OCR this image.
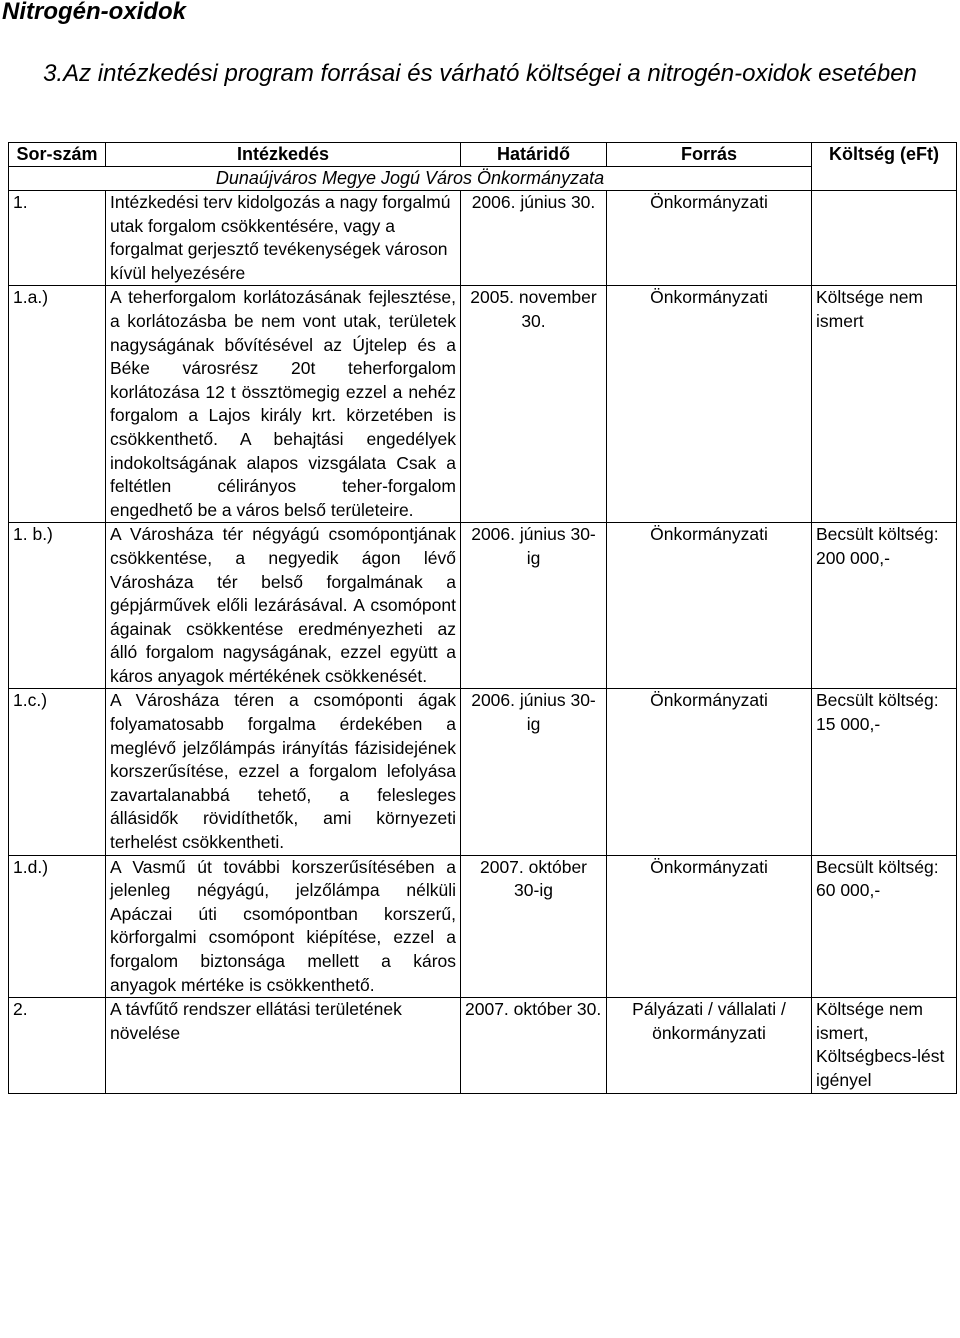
Nitrogén-oxidok
3.Az intézkedési program forrásai és várható költségei a nitrogén-oxidok esetében
Sor-szám	Intézkedés	Határidő	Forrás	Költség (eFt)
Dunaújváros Megye Jogú Város Önkormányzata				
1.	Intézkedési terv kidolgozás a nagy forgalmú utak forgalom csökkentésére, vagy a forgalmat gerjesztő tevékenységek városon kívül helyezésére	2006. június 30.	Önkormányzati	
1.a.)	A teherforgalom korlátozásának fejlesztése, a korlátozásba be nem vont utak, területek nagyságának bővítésével az Újtelep és a Béke városrész 20t teherforgalom korlátozása 12 t össztömegig ezzel a nehéz forgalom a Lajos király krt. körzetében is csökkenthető. A behajtási engedélyek indokoltságának alapos vizsgálata Csak a feltétlen célirányos teher-forgalom engedhető be a város belső területeire.	2005. november 30.	Önkormányzati	Költsége nem ismert
1. b.)	A Városháza tér négyágú csomópontjának csökkentése, a negyedik ágon lévő Városháza tér belső forgalmának a gépjárművek előli lezárásával. A csomópont ágainak csökkentése eredményezheti az álló forgalom nagyságának, ezzel együtt a káros anyagok mértékének csökkenését.	2006. június 30-ig	Önkormányzati	Becsült költség:
200 000,-

1.c.)	A Városháza téren a csomóponti ágak folyamatosabb forgalma érdekében a meglévő jelzőlámpás irányítás fázisidejének korszerűsítése, ezzel a forgalom lefolyása zavartalanabbá tehető, a felesleges állásidők rövidíthetők, ami környezeti terhelést csökkentheti.	2006. június 30-ig	Önkormányzati	Becsült költség:
15 000,-

1.d.)	A Vasmű út további korszerűsítésében a jelenleg négyágú, jelzőlámpa nélküli Apáczai úti csomópontban korszerű, körforgalmi csomópont kiépítése, ezzel a forgalom biztonsága mellett a káros anyagok mértéke is csökkenthető.	2007. október 30-ig	Önkormányzati	Becsült költség:
60 000,-

2.	A távfűtő rendszer ellátási területének növelése	2007. október 30.	Pályázati / vállalati / önkormányzati	Költsége nem ismert, Költségbecs-lést igényel
